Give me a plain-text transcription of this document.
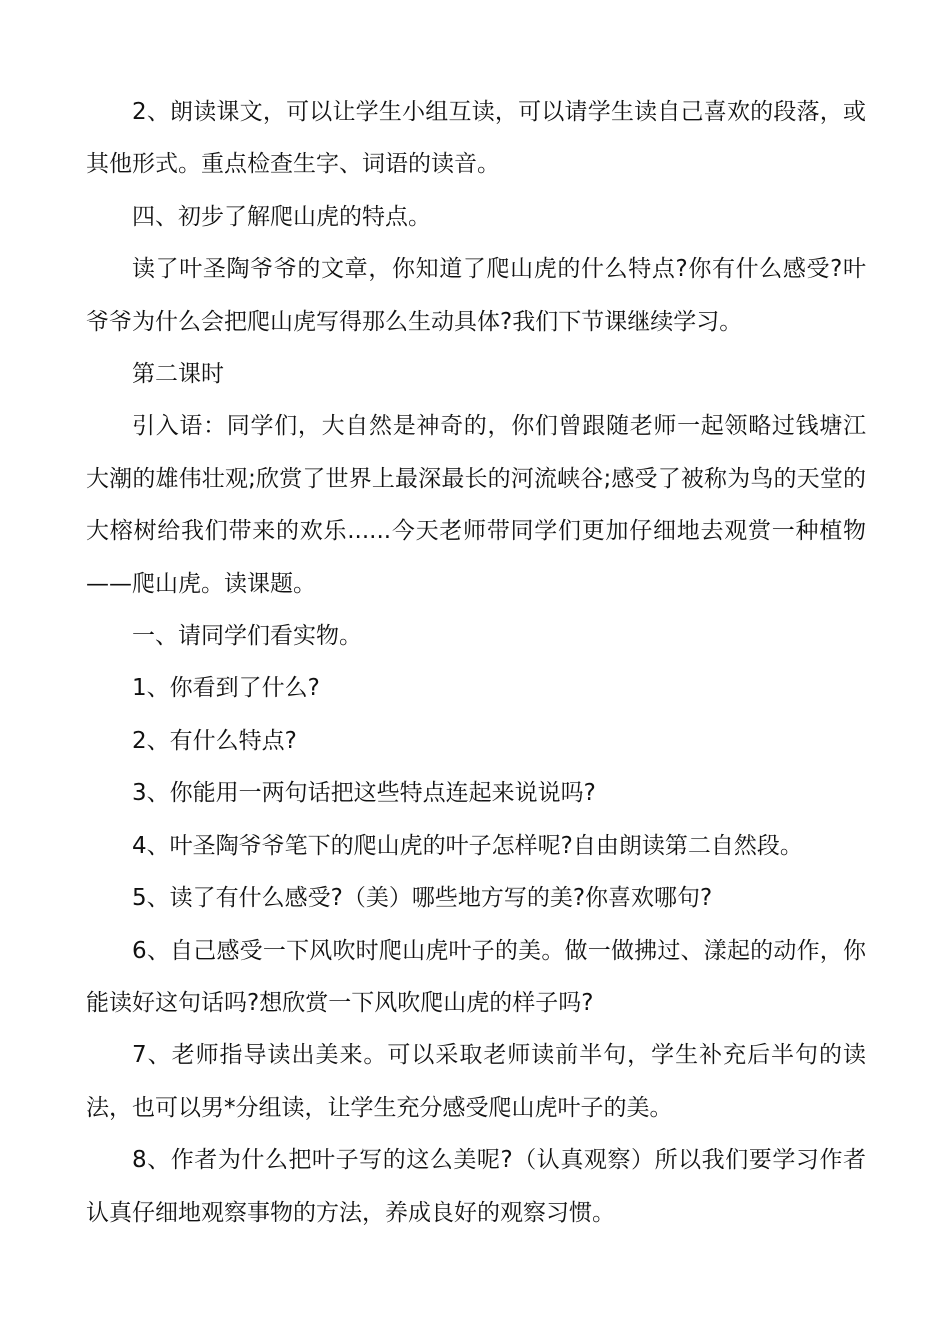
2、朗读课文，可以让学生小组互读，可以请学生读自己喜欢的段落，或其他形式。重点检查生字、词语的读音。

四、初步了解爬山虎的特点。

读了叶圣陶爷爷的文章，你知道了爬山虎的什么特点?你有什么感受?叶爷爷为什么会把爬山虎写得那么生动具体?我们下节课继续学习。

第二课时

引入语：同学们，大自然是神奇的，你们曾跟随老师一起领略过钱塘江大潮的雄伟壮观;欣赏了世界上最深最长的河流峡谷;感受了被称为鸟的天堂的大榕树给我们带来的欢乐......今天老师带同学们更加仔细地去观赏一种植物——爬山虎。读课题。

一、请同学们看实物。

1、你看到了什么?

2、有什么特点?

3、你能用一两句话把这些特点连起来说说吗?

4、叶圣陶爷爷笔下的爬山虎的叶子怎样呢?自由朗读第二自然段。

5、读了有什么感受?（美）哪些地方写的美?你喜欢哪句?

6、自己感受一下风吹时爬山虎叶子的美。做一做拂过、漾起的动作，你能读好这句话吗?想欣赏一下风吹爬山虎的样子吗?

7、老师指导读出美来。可以采取老师读前半句，学生补充后半句的读法，也可以男*分组读，让学生充分感受爬山虎叶子的美。

8、作者为什么把叶子写的这么美呢?（认真观察）所以我们要学习作者认真仔细地观察事物的方法，养成良好的观察习惯。
